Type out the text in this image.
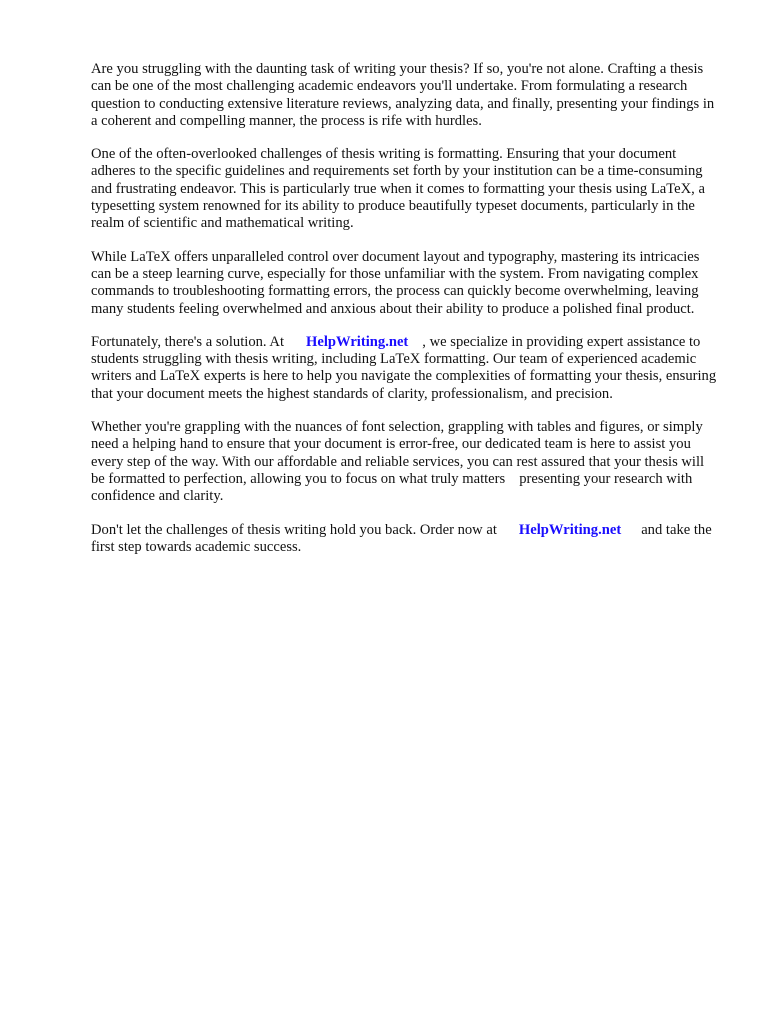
Are you struggling with the daunting task of writing your thesis? If so, you're not alone. Crafting a thesis can be one of the most challenging academic endeavors you'll undertake. From formulating a research question to conducting extensive literature reviews, analyzing data, and finally, presenting your findings in a coherent and compelling manner, the process is rife with hurdles.

One of the often-overlooked challenges of thesis writing is formatting. Ensuring that your document adheres to the specific guidelines and requirements set forth by your institution can be a time-consuming and frustrating endeavor. This is particularly true when it comes to formatting your thesis using LaTeX, a typesetting system renowned for its ability to produce beautifully typeset documents, particularly in the realm of scientific and mathematical writing.

While LaTeX offers unparalleled control over document layout and typography, mastering its intricacies can be a steep learning curve, especially for those unfamiliar with the system. From navigating complex commands to troubleshooting formatting errors, the process can quickly become overwhelming, leaving many students feeling overwhelmed and anxious about their ability to produce a polished final product.

Fortunately, there's a solution. At HelpWriting.net , we specialize in providing expert assistance to students struggling with thesis writing, including LaTeX formatting. Our team of experienced academic writers and LaTeX experts is here to help you navigate the complexities of formatting your thesis, ensuring that your document meets the highest standards of clarity, professionalism, and precision.

Whether you're grappling with the nuances of font selection, grappling with tables and figures, or simply need a helping hand to ensure that your document is error-free, our dedicated team is here to assist you every step of the way. With our affordable and reliable services, you can rest assured that your thesis will be formatted to perfection, allowing you to focus on what truly matters presenting your research with confidence and clarity.

Don't let the challenges of thesis writing hold you back. Order now at HelpWriting.net and take the first step towards academic success.
